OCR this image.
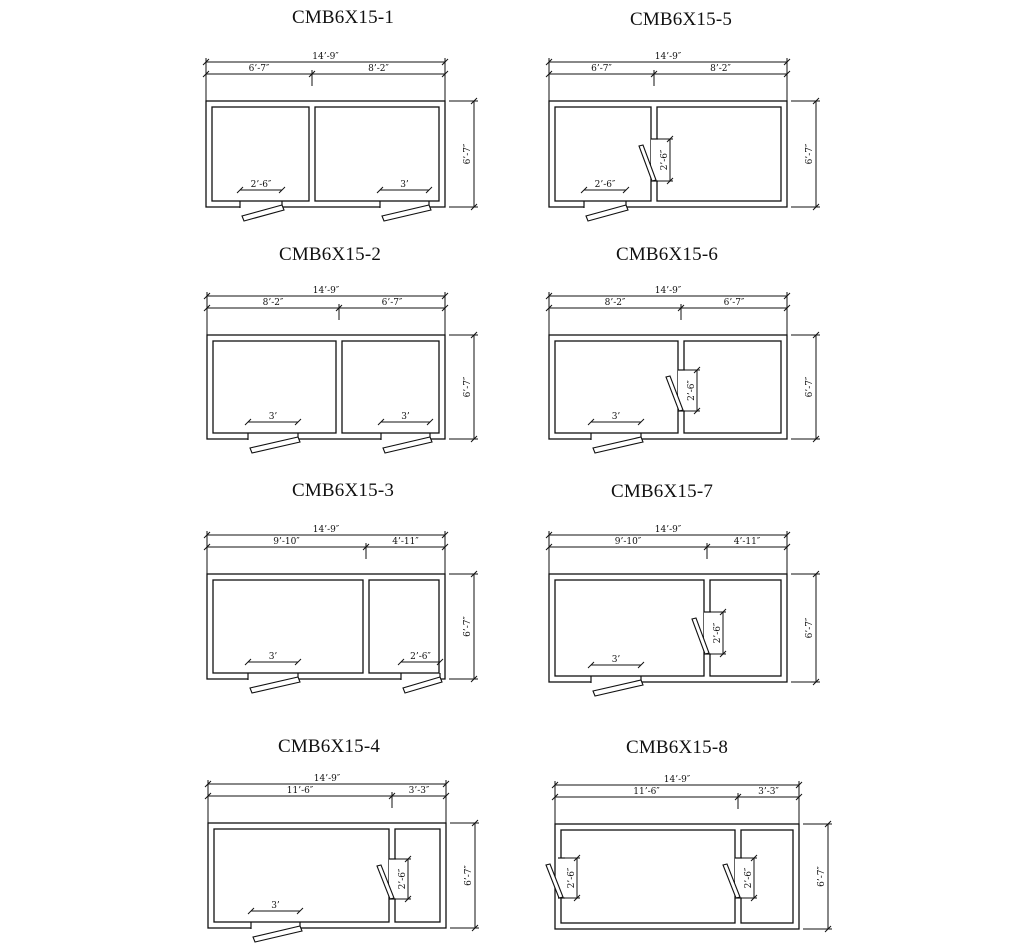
CMB6X15-1	CMB6X15-5
CMB6X15-2	CMB6X15-6
CMB6X15-3	CMB6X15-7
CMB6X15-4	CMB6X15-8
14’-9″
6’-7″	8’-2″
6’-7″
2’-6″	3’
14’-9″
6’-7″	8’-2″
6’-7″
2’-6″
2’-6″
14’-9″
8’-2″	6’-7″
6’-7″
3’	3’
14’-9″
8’-2″	6’-7″
6’-7″
3’
2’-6″
14’-9″
9’-10″	4’-11″
6’-7″
3’	2’-6″
14’-9″
9’-10″	4’-11″
6’-7″
3’
2’-6″
14’-9″
11’-6″	3’-3″
6’-7″
3’
2’-6″
14’-9″
11’-6″	3’-3″
6’-7″
2’-6″
2’-6″
